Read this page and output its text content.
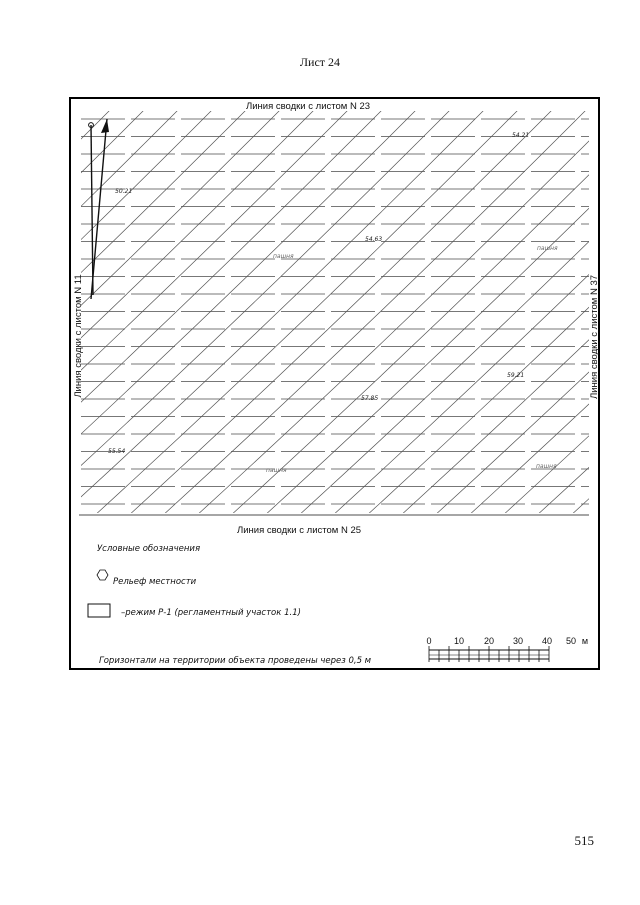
Лист 24
Линия сводки с листом N 23
Линия сводки с листом N 25
Линия сводки с листом N 11	Линия сводки с листом N 37
54.21
50.21
54.63
59.21
57.85
55.54
пашня
пашня
пашня
пашня
Условные обозначения
Рельеф местности
–режим Р-1 (регламентный участок 1.1)
Горизонтали на территории объекта проведены через 0,5 м
0 10 20 30 40 50 м
515
